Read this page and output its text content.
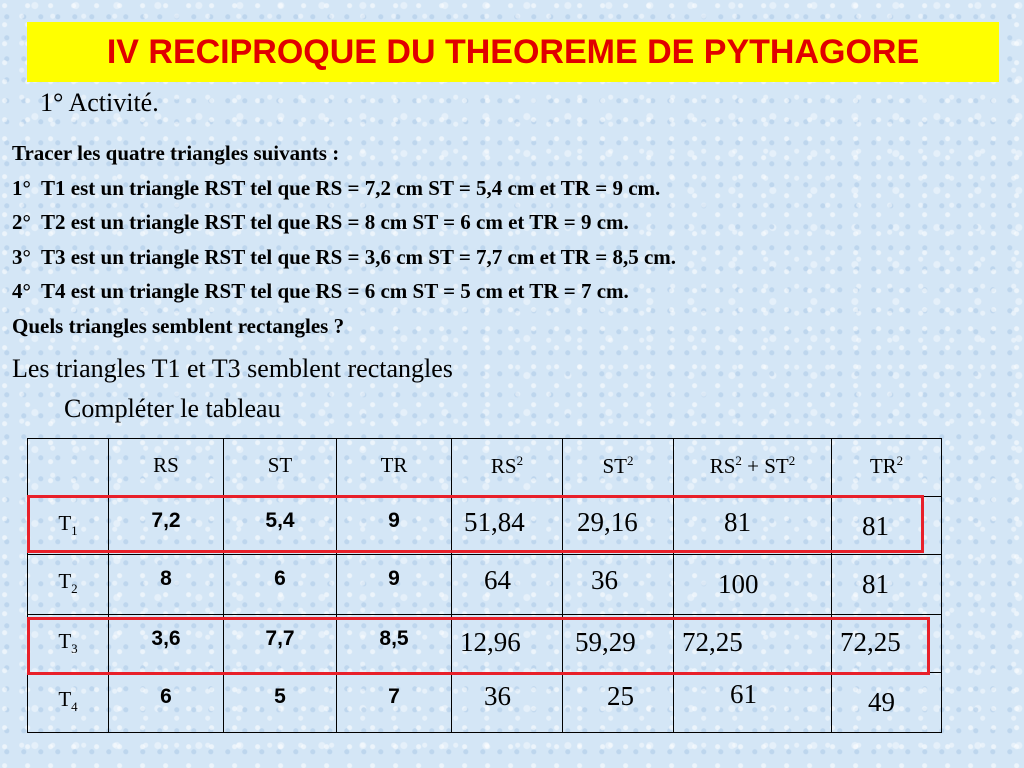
IV RECIPROQUE DU THEOREME DE PYTHAGORE
1° Activité.
Tracer les quatre triangles suivants :
1°  T1 est un triangle RST tel que RS = 7,2 cm ST = 5,4 cm et TR = 9 cm.
2°  T2 est un triangle RST tel que RS = 8 cm ST = 6 cm et TR = 9 cm.
3°  T3 est un triangle RST tel que RS = 3,6 cm ST = 7,7 cm et TR = 8,5 cm.
4°  T4 est un triangle RST tel que RS = 6 cm ST = 5 cm et TR = 7 cm.
Quels triangles semblent rectangles ?
Les triangles T1 et T3 semblent rectangles
Compléter le tableau
	RS	ST	TR	$RS^2$	$ST^2$	$RS^2 + ST^2$	$TR^2$
$T_1$	7,2	5,4	9	51,84	29,16	81	81

$T_2$	8	6	9	64	36	100	81

$T_3$	3,6	7,7	8,5	12,96	59,29	72,25	72,25

$T_4$	6	5	7	36	25	61	49
